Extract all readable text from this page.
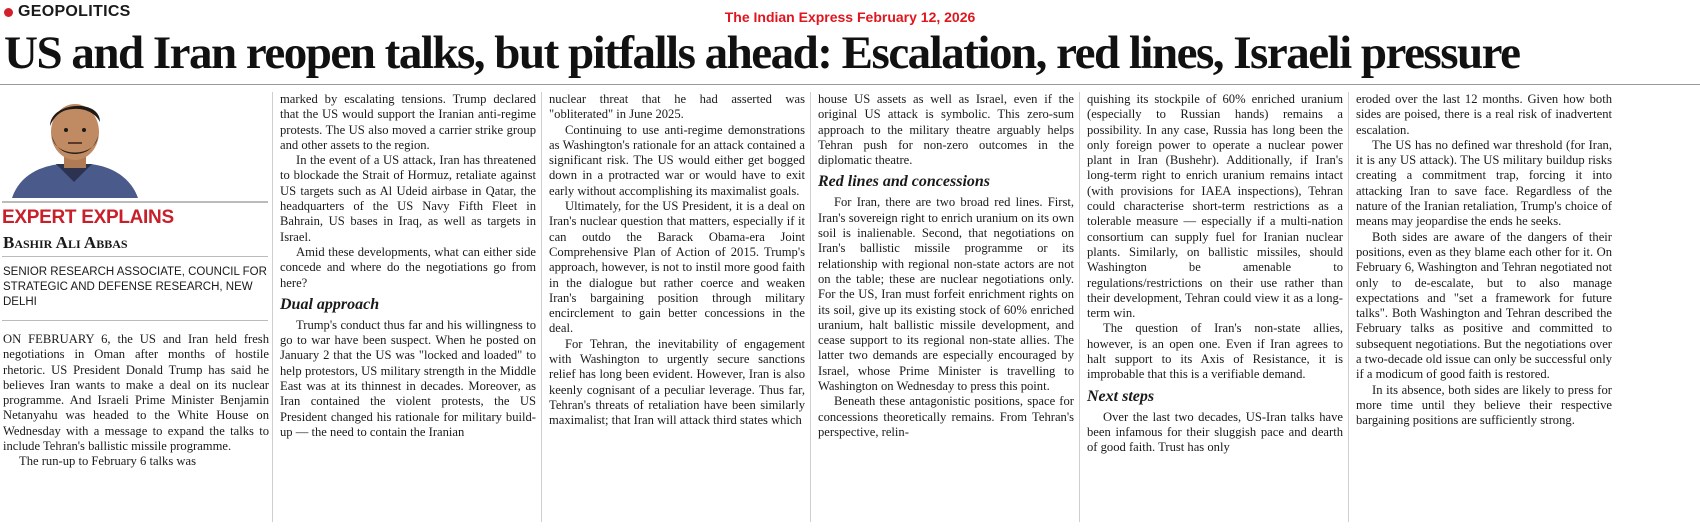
GEOPOLITICS	The Indian Express February 12, 2026
US and Iran reopen talks, but pitfalls ahead: Escalation, red lines, Israeli pressure
EXPERT EXPLAINS
Bashir Ali Abbas
SENIOR RESEARCH ASSOCIATE, COUNCIL FOR STRATEGIC AND DEFENSE RESEARCH, NEW DELHI

ON FEBRUARY 6, the US and Iran held fresh negotiations in Oman after months of hostile rhetoric. US President Donald Trump has said he believes Iran wants to make a deal on its nuclear programme. And Israeli Prime Minister Benjamin Netanyahu was headed to the White House on Wednesday with a message to expand the talks to include Tehran's ballistic missile programme.

The run-up to February 6 talks was

marked by escalating tensions. Trump declared that the US would support the Iranian anti-regime protests. The US also moved a carrier strike group and other assets to the region.

In the event of a US attack, Iran has threatened to blockade the Strait of Hormuz, retaliate against US targets such as Al Udeid airbase in Qatar, the headquarters of the US Navy Fifth Fleet in Bahrain, US bases in Iraq, as well as targets in Israel.

Amid these developments, what can either side concede and where do the negotiations go from here?

Dual approach

Trump's conduct thus far and his willingness to go to war have been suspect. When he posted on January 2 that the US was "locked and loaded" to help protestors, US military strength in the Middle East was at its thinnest in decades. Moreover, as Iran contained the violent protests, the US President changed his rationale for military build-up — the need to contain the Iranian

nuclear threat that he had asserted was "obliterated" in June 2025.

Continuing to use anti-regime demonstrations as Washington's rationale for an attack contained a significant risk. The US would either get bogged down in a protracted war or would have to exit early without accomplishing its maximalist goals.

Ultimately, for the US President, it is a deal on Iran's nuclear question that matters, especially if it can outdo the Barack Obama-era Joint Comprehensive Plan of Action of 2015. Trump's approach, however, is not to instil more good faith in the dialogue but rather coerce and weaken Iran's bargaining position through military encirclement to gain better concessions in the deal.

For Tehran, the inevitability of engagement with Washington to urgently secure sanctions relief has long been evident. However, Iran is also keenly cognisant of a peculiar leverage. Thus far, Tehran's threats of retaliation have been similarly maximalist; that Iran will attack third states which

house US assets as well as Israel, even if the original US attack is symbolic. This zero-sum approach to the military theatre arguably helps Tehran push for non-zero outcomes in the diplomatic theatre.

Red lines and concessions

For Iran, there are two broad red lines. First, Iran's sovereign right to enrich uranium on its own soil is inalienable. Second, that negotiations on Iran's ballistic missile programme or its relationship with regional non-state actors are not on the table; these are nuclear negotiations only. For the US, Iran must forfeit enrichment rights on its soil, give up its existing stock of 60% enriched uranium, halt ballistic missile development, and cease support to its regional non-state allies. The latter two demands are especially encouraged by Israel, whose Prime Minister is travelling to Washington on Wednesday to press this point.

Beneath these antagonistic positions, space for concessions theoretically remains. From Tehran's perspective, relin-

quishing its stockpile of 60% enriched uranium (especially to Russian hands) remains a possibility. In any case, Russia has long been the only foreign power to operate a nuclear power plant in Iran (Bushehr). Additionally, if Iran's long-term right to enrich uranium remains intact (with provisions for IAEA inspections), Tehran could characterise short-term restrictions as a tolerable measure — especially if a multi-nation consortium can supply fuel for Iranian nuclear plants. Similarly, on ballistic missiles, should Washington be amenable to regulations/restrictions on their use rather than their development, Tehran could view it as a long-term win.

The question of Iran's non-state allies, however, is an open one. Even if Iran agrees to halt support to its Axis of Resistance, it is improbable that this is a verifiable demand.

Next steps

Over the last two decades, US-Iran talks have been infamous for their sluggish pace and dearth of good faith. Trust has only

eroded over the last 12 months. Given how both sides are poised, there is a real risk of inadvertent escalation.

The US has no defined war threshold (for Iran, it is any US attack). The US military buildup risks creating a commitment trap, forcing it into attacking Iran to save face. Regardless of the nature of the Iranian retaliation, Trump's choice of means may jeopardise the ends he seeks.

Both sides are aware of the dangers of their positions, even as they blame each other for it. On February 6, Washington and Tehran negotiated not only to de-escalate, but to also manage expectations and "set a framework for future talks". Both Washington and Tehran described the February talks as positive and committed to subsequent negotiations. But the negotiations over a two-decade old issue can only be successful only if a modicum of good faith is restored.

In its absence, both sides are likely to press for more time until they believe their respective bargaining positions are sufficiently strong.
